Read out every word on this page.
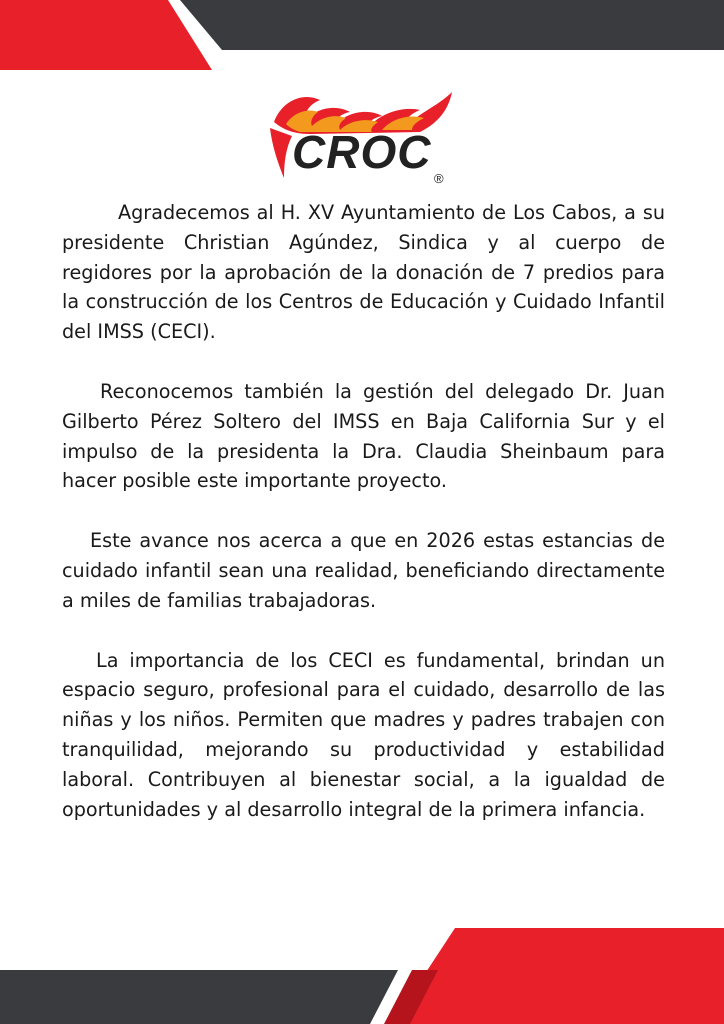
CROC
®

Agradecemos al H. XV Ayuntamiento de Los Cabos, a su presidente Christian Agúndez, Sindica y al cuerpo de regidores por la aprobación de la donación de 7 predios para la construcción de los Centros de Educación y Cuidado Infantil del IMSS (CECI).

Reconocemos también la gestión del delegado Dr. Juan Gilberto Pérez Soltero del IMSS en Baja California Sur y el impulso de la presidenta la Dra. Claudia Sheinbaum para hacer posible este importante proyecto.

Este avance nos acerca a que en 2026 estas estancias de cuidado infantil sean una realidad, beneficiando directamente a miles de familias trabajadoras.

La importancia de los CECI es fundamental, brindan un espacio seguro, profesional para el cuidado, desarrollo de las niñas y los niños. Permiten que madres y padres trabajen con tranquilidad, mejorando su productividad y estabilidad laboral. Contribuyen al bienestar social, a la igualdad de oportunidades y al desarrollo integral de la primera infancia.
